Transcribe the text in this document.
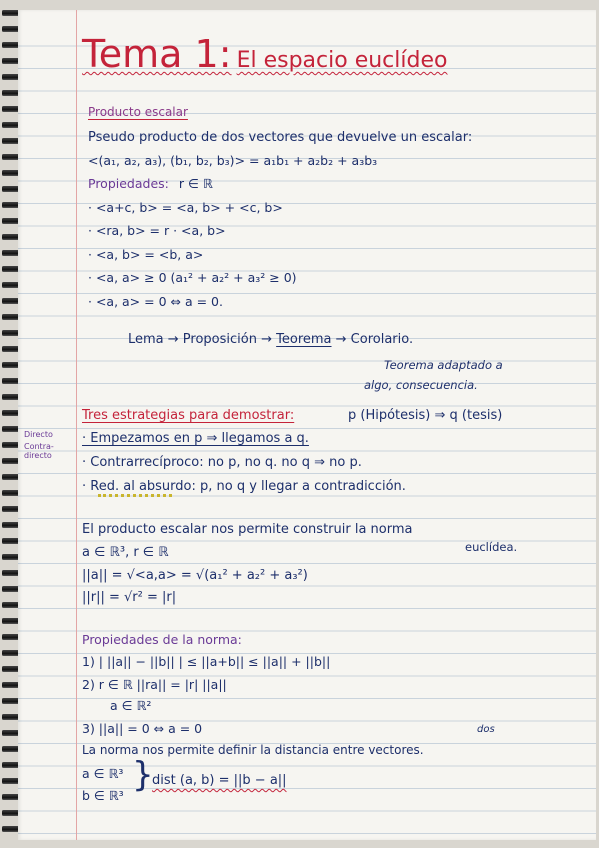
Tema 1: El espacio euclídeo
Producto escalar
Pseudo producto de dos vectores que devuelve un escalar:
<(a₁, a₂, a₃), (b₁, b₂, b₃)> = a₁b₁ + a₂b₂ + a₃b₃
Propiedades: r ∈ ℝ
· <a+c, b> = <a, b> + <c, b>
· <ra, b> = r · <a, b>
· <a, b> = <b, a>
· <a, a> ≥ 0 (a₁² + a₂² + a₃² ≥ 0)
· <a, a> = 0 ⇔ a = 0.
Lema → Proposición → Teorema → Corolario.
Teorema adaptado a
algo, consecuencia.
Tres estrategias para demostrar:	p (Hipótesis) ⇒ q (tesis)
Directo
Contra-
directo
· Empezamos en p ⇒ llegamos a q.
· Contrarrecíproco: no p, no q. no q ⇒ no p.
· Red. al absurdo: p, no q y llegar a contradicción.
El producto escalar nos permite construir la norma
euclídea.
a ∈ ℝ³, r ∈ ℝ
||a|| = √<a,a> = √(a₁² + a₂² + a₃²)
||r|| = √r² = |r|
Propiedades de la norma:
1) | ||a|| − ||b|| | ≤ ||a+b|| ≤ ||a|| + ||b||
2) r ∈ ℝ ||ra|| = |r| ||a||
a ∈ ℝ²
3) ||a|| = 0 ⇔ a = 0	dos
La norma nos permite definir la distancia entre vectores.
a ∈ ℝ³
b ∈ ℝ³
}
dist (a, b) = ||b − a||
